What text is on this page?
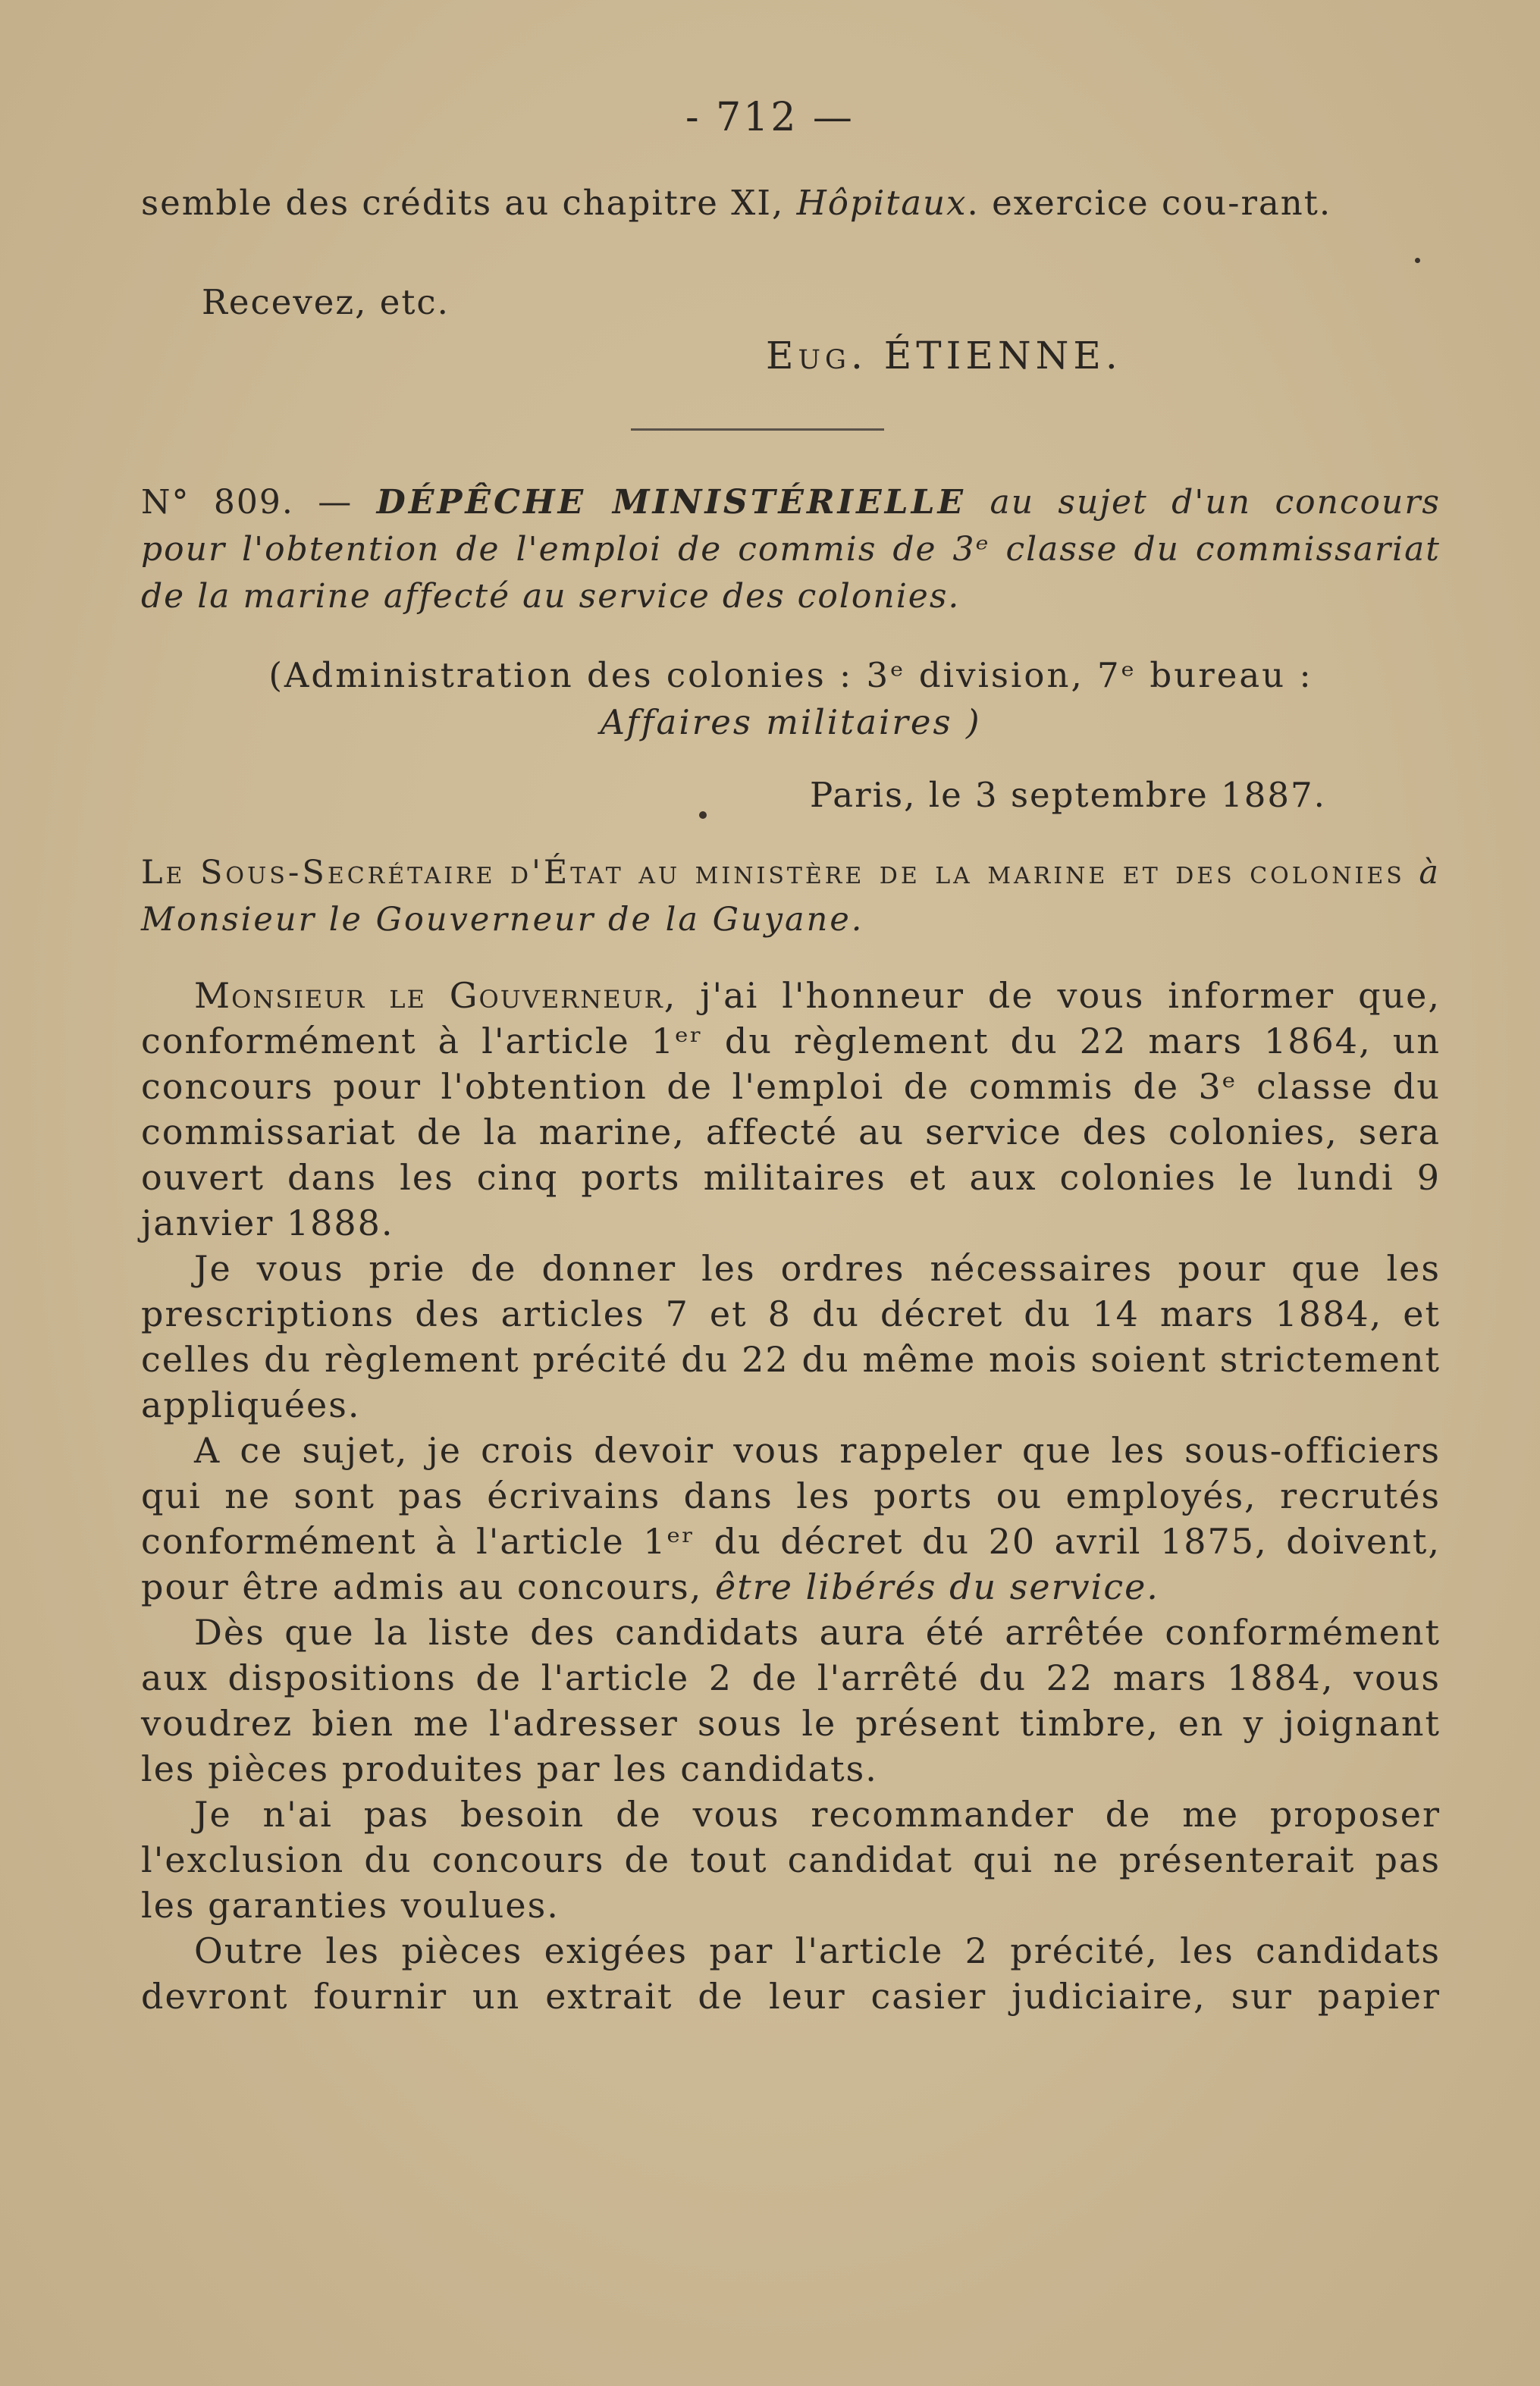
- 712 —
semble des crédits au chapitre XI, Hôpitaux. exercice cou-rant.
Recevez, etc.
Eug. ÉTIENNE.
N° 809. — DÉPÊCHE MINISTÉRIELLE au sujet d'un concours pour l'obtention de l'emploi de commis de 3ᵉ classe du commissariat de la marine affecté au service des colonies.
(Administration des colonies : 3ᵉ division, 7ᵉ bureau :
Affaires militaires )
Paris, le 3 septembre 1887.
Le Sous-Secrétaire d'État au ministère de la marine et des colonies à Monsieur le Gouverneur de la Guyane.

Monsieur le Gouverneur, j'ai l'honneur de vous informer que, conformément à l'article 1ᵉʳ du règlement du 22 mars 1864, un concours pour l'obtention de l'emploi de commis de 3ᵉ classe du commissariat de la marine, affecté au service des colonies, sera ouvert dans les cinq ports militaires et aux colonies le lundi 9 janvier 1888.

Je vous prie de donner les ordres nécessaires pour que les prescriptions des articles 7 et 8 du décret du 14 mars 1884, et celles du règlement précité du 22 du même mois soient strictement appliquées.

A ce sujet, je crois devoir vous rappeler que les sous-officiers qui ne sont pas écrivains dans les ports ou employés, recrutés conformément à l'article 1ᵉʳ du décret du 20 avril 1875, doivent, pour être admis au concours, être libérés du service.

Dès que la liste des candidats aura été arrêtée conformément aux dispositions de l'article 2 de l'arrêté du 22 mars 1884, vous voudrez bien me l'adresser sous le présent timbre, en y joignant les pièces produites par les candidats.

Je n'ai pas besoin de vous recommander de me proposer l'exclusion du concours de tout candidat qui ne présenterait pas les garanties voulues.

Outre les pièces exigées par l'article 2 précité, les candidats devront fournir un extrait de leur casier judiciaire, sur papier
